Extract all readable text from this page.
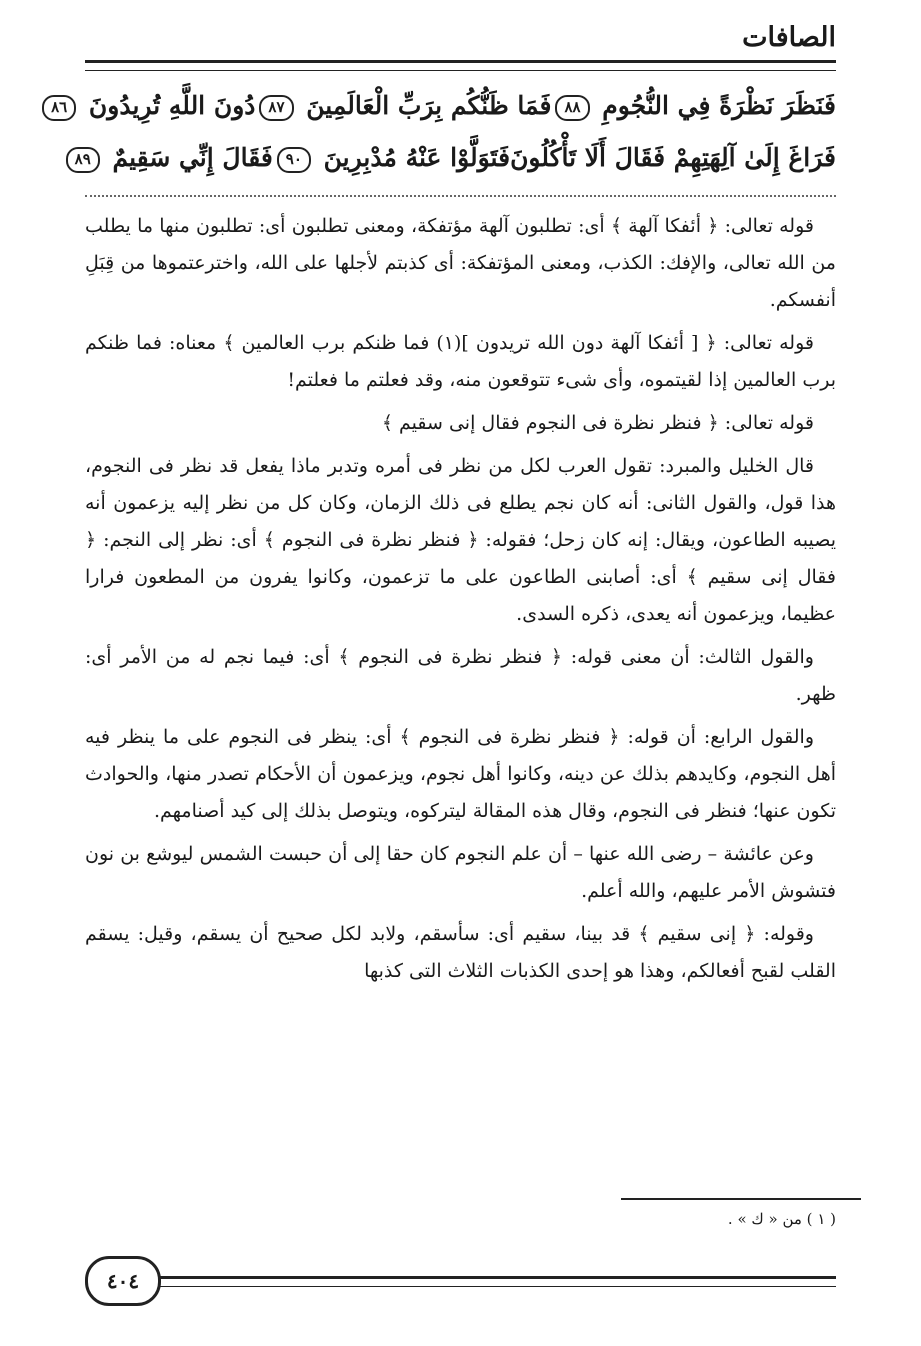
الصافات
فَنَظَرَ نَظْرَةً فِي النُّجُومِ ٨٨
فَمَا ظَنُّكُم بِرَبِّ الْعَالَمِينَ ٨٧
دُونَ اللَّهِ تُرِيدُونَ ٨٦
فَرَاغَ إِلَىٰ آلِهَتِهِمْ فَقَالَ أَلَا تَأْكُلُونَ
فَتَوَلَّوْا عَنْهُ مُدْبِرِينَ ٩٠
فَقَالَ إِنِّي سَقِيمٌ ٨٩

قوله تعالى: ﴿ أئفكا آلهة ﴾ أى: تطلبون آلهة مؤتفكة، ومعنى تطلبون أى: تطلبون منها ما يطلب من الله تعالى، والإفك: الكذب، ومعنى المؤتفكة: أى كذبتم لأجلها على الله، واخترعتموها من قِبَلِ أنفسكم.

قوله تعالى: ﴿ [ أئفكا آلهة دون الله تريدون ](١) فما ظنكم برب العالمين ﴾ معناه: فما ظنكم برب العالمين إذا لقيتموه، وأى شىء تتوقعون منه، وقد فعلتم ما فعلتم!

قوله تعالى: ﴿ فنظر نظرة فى النجوم فقال إنى سقيم ﴾

قال الخليل والمبرد: تقول العرب لكل من نظر فى أمره وتدبر ماذا يفعل قد نظر فى النجوم، هذا قول، والقول الثانى: أنه كان نجم يطلع فى ذلك الزمان، وكان كل من نظر إليه يزعمون أنه يصيبه الطاعون، ويقال: إنه كان زحل؛ فقوله: ﴿ فنظر نظرة فى النجوم ﴾ أى: نظر إلى النجم: ﴿ فقال إنى سقيم ﴾ أى: أصابنى الطاعون على ما تزعمون، وكانوا يفرون من المطعون فرارا عظيما، ويزعمون أنه يعدى، ذكره السدى.

والقول الثالث: أن معنى قوله: ﴿ فنظر نظرة فى النجوم ﴾ أى: فيما نجم له من الأمر أى: ظهر.

والقول الرابع: أن قوله: ﴿ فنظر نظرة فى النجوم ﴾ أى: ينظر فى النجوم على ما ينظر فيه أهل النجوم، وكايدهم بذلك عن دينه، وكانوا أهل نجوم، ويزعمون أن الأحكام تصدر منها، والحوادث تكون عنها؛ فنظر فى النجوم، وقال هذه المقالة ليتركوه، ويتوصل بذلك إلى كيد أصنامهم.

وعن عائشة – رضى الله عنها – أن علم النجوم كان حقا إلى أن حبست الشمس ليوشع بن نون فتشوش الأمر عليهم، والله أعلم.

وقوله: ﴿ إنى سقيم ﴾ قد بينا، سقيم أى: سأسقم، ولابد لكل صحيح أن يسقم، وقيل: يسقم القلب لقبح أفعالكم، وهذا هو إحدى الكذبات الثلاث التى كذبها

( ١ ) من « ك » .
٤٠٤
